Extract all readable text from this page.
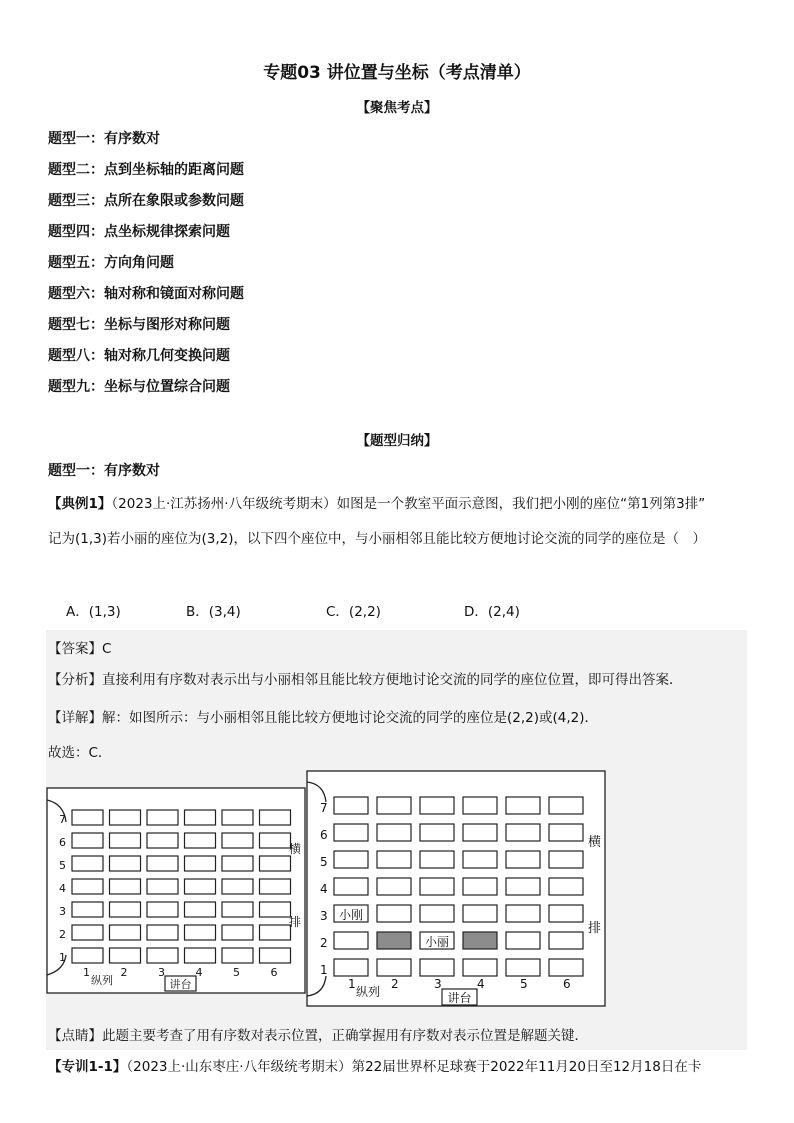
专题03 讲位置与坐标（考点清单）
【聚焦考点】
题型一：有序数对
题型二：点到坐标轴的距离问题
题型三：点所在象限或参数问题
题型四：点坐标规律探索问题
题型五：方向角问题
题型六：轴对称和镜面对称问题
题型七：坐标与图形对称问题
题型八：轴对称几何变换问题
题型九：坐标与位置综合问题
【题型归纳】
题型一：有序数对
【典例1】（2023上·江苏扬州·八年级统考期末）如图是一个教室平面示意图，我们把小刚的座位“第1列第3排”
记为(1,3)若小丽的座位为(3,2)，以下四个座位中，与小丽相邻且能比较方便地讨论交流的同学的座位是（　）
A．(1,3)	B．(3,4)	C．(2,2)	D．(2,4)
【答案】C
【分析】直接利用有序数对表示出与小丽相邻且能比较方便地讨论交流的同学的座位位置，即可得出答案．
【详解】解：如图所示：与小丽相邻且能比较方便地讨论交流的同学的座位是(2,2)或(4,2)．
故选：C．
7
6
5
4
3
2
1
1	2	3	4	5	6
纵列	讲台
横
排
7
6
5
4
3 小刚
2	小丽
1
1	2	3	4	5	6
纵列	讲台
横
排
【点睛】此题主要考查了用有序数对表示位置，正确掌握用有序数对表示位置是解题关键．
【专训1-1】（2023上·山东枣庄·八年级统考期末）第22届世界杯足球赛于2022年11月20日至12月18日在卡
